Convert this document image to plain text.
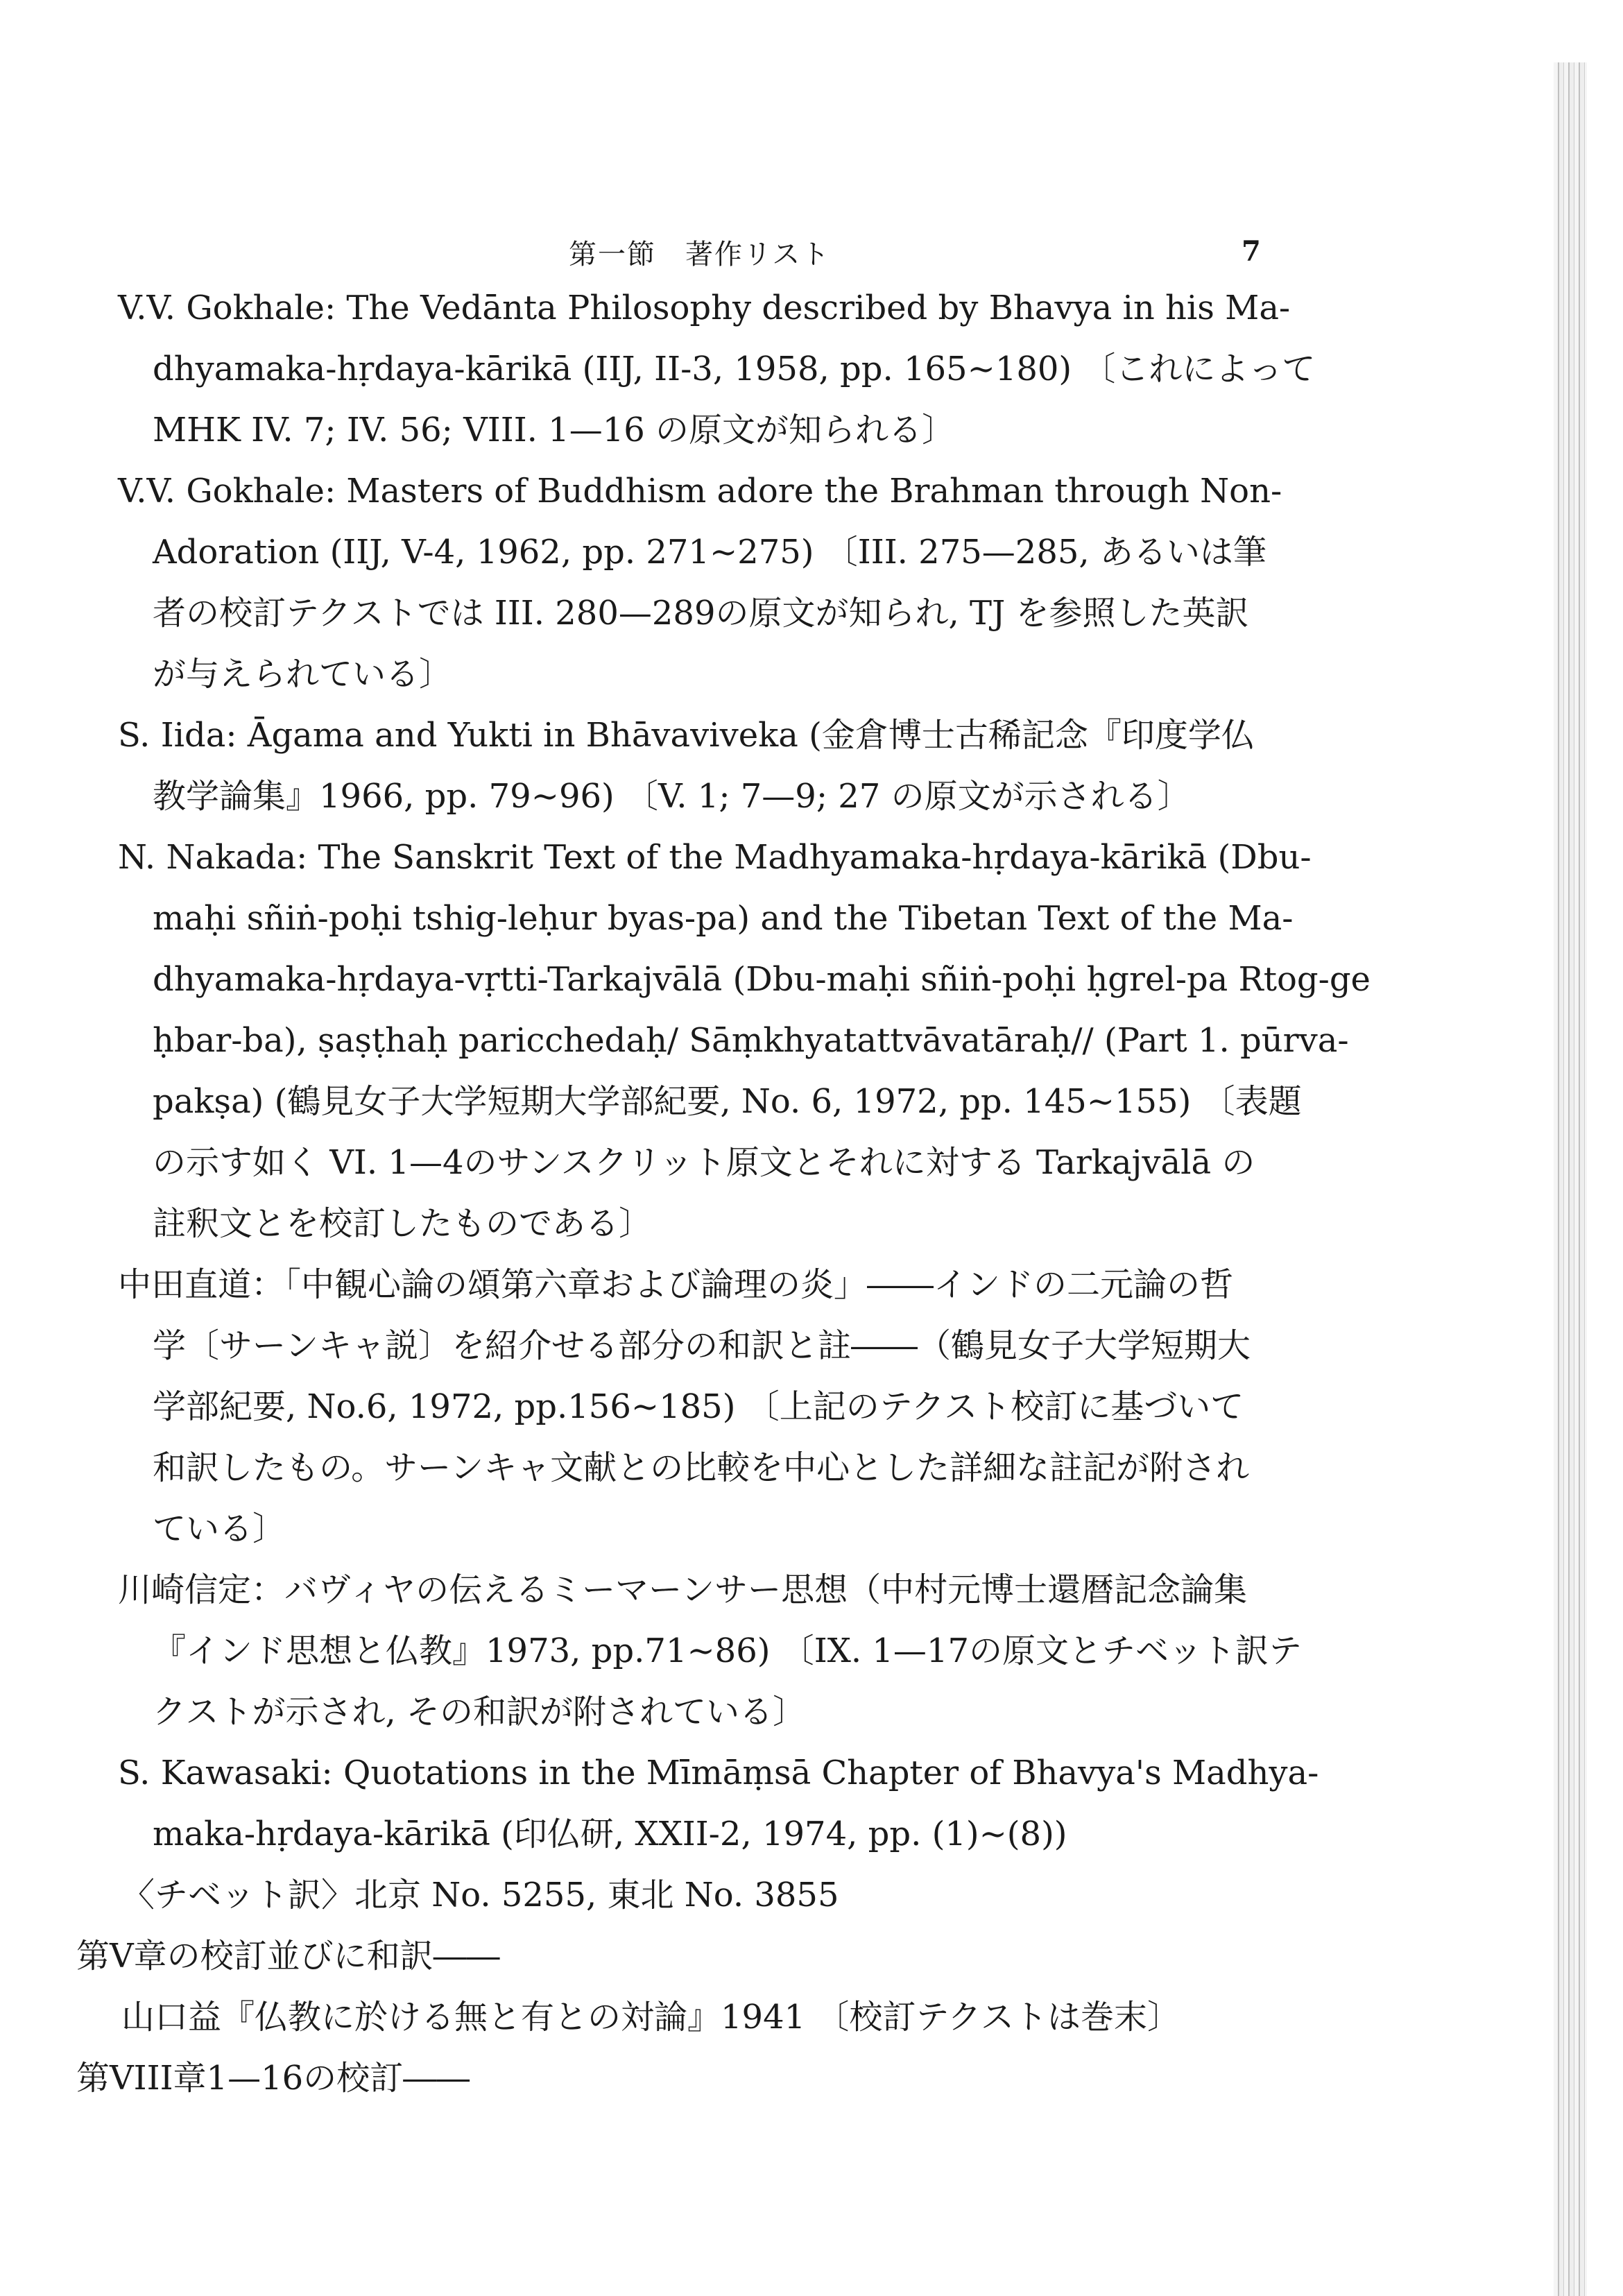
第一節　著作リスト	7
V.V. Gokhale: The Vedānta Philosophy described by Bhavya in his Ma-
dhyamaka-hṛdaya-kārikā (IIJ, II-3, 1958, pp. 165∼180) 〔これによって
MHK IV. 7; IV. 56; VIII. 1—16 の原文が知られる〕
V.V. Gokhale: Masters of Buddhism adore the Brahman through Non-
Adoration (IIJ, V-4, 1962, pp. 271∼275) 〔III. 275—285, あるいは筆
者の校訂テクストでは III. 280—289の原文が知られ, TJ を参照した英訳
が与えられている〕
S. Iida: Āgama and Yukti in Bhāvaviveka (金倉博士古稀記念『印度学仏
教学論集』1966, pp. 79∼96) 〔V. 1; 7—9; 27 の原文が示される〕
N. Nakada: The Sanskrit Text of the Madhyamaka-hṛdaya-kārikā (Dbu-
maḥi sñiṅ-poḥi tshig-leḥur byas-pa) and the Tibetan Text of the Ma-
dhyamaka-hṛdaya-vṛtti-Tarkajvālā (Dbu-maḥi sñiṅ-poḥi ḥgrel-pa Rtog-ge
ḥbar-ba), ṣaṣṭhaḥ paricchedaḥ/ Sāṃkhyatattvāvatāraḥ// (Part 1. pūrva-
pakṣa) (鶴見女子大学短期大学部紀要, No. 6, 1972, pp. 145∼155) 〔表題
の示す如く VI. 1—4のサンスクリット原文とそれに対する Tarkajvālā の
註釈文とを校訂したものである〕
中田直道：「中観心論の頌第六章および論理の炎」――インドの二元論の哲
学〔サーンキャ説〕を紹介せる部分の和訳と註――（鶴見女子大学短期大
学部紀要, No.6, 1972, pp.156∼185) 〔上記のテクスト校訂に基づいて
和訳したもの。サーンキャ文献との比較を中心とした詳細な註記が附され
ている〕
川崎信定：バヴィヤの伝えるミーマーンサー思想（中村元博士還暦記念論集
『インド思想と仏教』1973, pp.71∼86) 〔IX. 1—17の原文とチベット訳テ
クストが示され, その和訳が附されている〕
S. Kawasaki: Quotations in the Mīmāṃsā Chapter of Bhavya's Madhya-
maka-hṛdaya-kārikā (印仏研, XXII-2, 1974, pp. (1)∼(8))
〈チベット訳〉北京 No. 5255, 東北 No. 3855
第V章の校訂並びに和訳――
山口益『仏教に於ける無と有との対論』1941 〔校訂テクストは巻末〕
第VIII章1—16の校訂――
